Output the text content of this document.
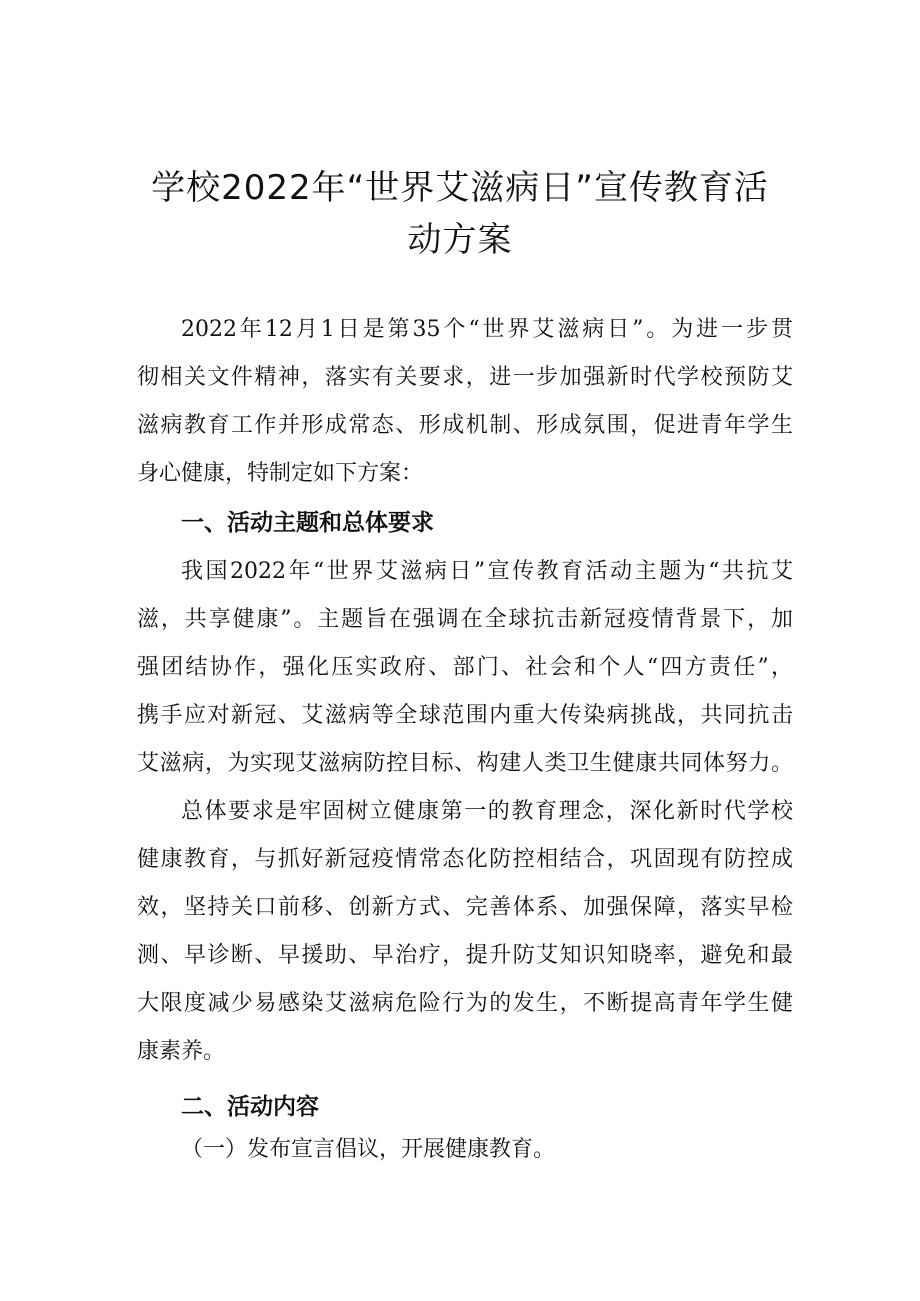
学校2022年“世界艾滋病日”宣传教育活
动方案

2022年12月1日是第35个“世界艾滋病日”。为进一步贯

彻相关文件精神，落实有关要求，进一步加强新时代学校预防艾

滋病教育工作并形成常态、形成机制、形成氛围，促进青年学生

身心健康，特制定如下方案：

一、活动主题和总体要求

我国2022年“世界艾滋病日”宣传教育活动主题为“共抗艾

滋，共享健康”。主题旨在强调在全球抗击新冠疫情背景下，加

强团结协作，强化压实政府、部门、社会和个人“四方责任”，

携手应对新冠、艾滋病等全球范围内重大传染病挑战，共同抗击

艾滋病，为实现艾滋病防控目标、构建人类卫生健康共同体努力。

总体要求是牢固树立健康第一的教育理念，深化新时代学校

健康教育，与抓好新冠疫情常态化防控相结合，巩固现有防控成

效，坚持关口前移、创新方式、完善体系、加强保障，落实早检

测、早诊断、早援助、早治疗，提升防艾知识知晓率，避免和最

大限度减少易感染艾滋病危险行为的发生，不断提高青年学生健

康素养。

二、活动内容

（一）发布宣言倡议，开展健康教育。
